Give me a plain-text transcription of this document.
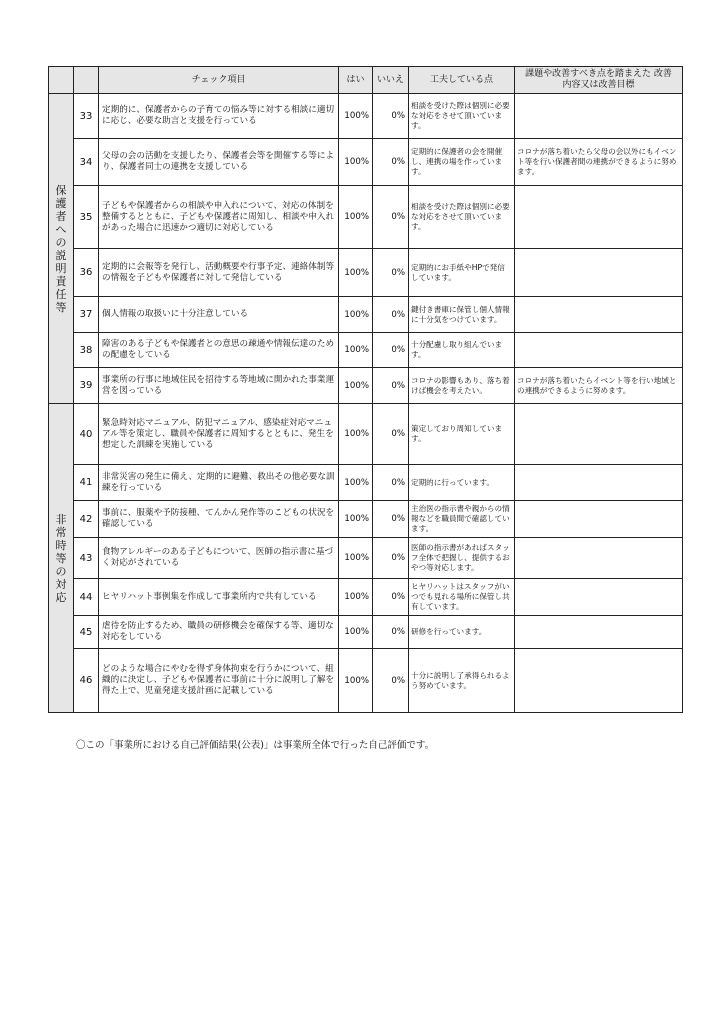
		チェック項目	はい	いいえ	工夫している点	課題や改善すべき点を踏まえた 改善内容又は改善目標
保護者への説明責任等	33	定期的に、保護者からの子育ての悩み等に対する相談に適切に応じ、必要な助言と支援を行っている	100%	0%	相談を受けた際は個別に必要な対応をさせて頂いています。	
	34	父母の会の活動を支援したり、保護者会等を開催する等により、保護者同士の連携を支援している	100%	0%	定期的に保護者の会を開催し、連携の場を作っています。	コロナが落ち着いたら父母の会以外にもイベント等を行い保護者間の連携ができるように努めます。
	35	子どもや保護者からの相談や申入れについて、対応の体制を整備するとともに、子どもや保護者に周知し、相談や申入れがあった場合に迅速かつ適切に対応している	100%	0%	相談を受けた際は個別に必要な対応をさせて頂いています。	
	36	定期的に会報等を発行し、活動概要や行事予定、連絡体制等の情報を子どもや保護者に対して発信している	100%	0%	定期的にお手紙やHPで発信しています。	
	37	個人情報の取扱いに十分注意している	100%	0%	鍵付き書庫に保管し個人情報に十分気をつけています。	
	38	障害のある子どもや保護者との意思の疎通や情報伝達のための配慮をしている	100%	0%	十分配慮し取り組んでいます。	
	39	事業所の行事に地域住民を招待する等地域に開かれた事業運営を図っている	100%	0%	コロナの影響もあり、落ち着けば機会を考えたい。	コロナが落ち着いたらイベント等を行い地域との連携ができるように努めます。
非常時等の対応	40	緊急時対応マニュアル、防犯マニュアル、感染症対応マニュアル等を策定し、職員や保護者に周知するとともに、発生を想定した訓練を実施している	100%	0%	策定しており周知しています。	
	41	非常災害の発生に備え、定期的に避難、救出その他必要な訓練を行っている	100%	0%	定期的に行っています。	
	42	事前に、服薬や予防接種、てんかん発作等のこどもの状況を確認している	100%	0%	主治医の指示書や親からの情報などを職員間で確認しています。	
	43	食物アレルギーのある子どもについて、医師の指示書に基づく対応がされている	100%	0%	医師の指示書があればスタッフ全体で把握し、提供するおやつ等対応します。	
	44	ヒヤリハット事例集を作成して事業所内で共有している	100%	0%	ヒヤリハットはスタッフがいつでも見れる場所に保管し共有しています。	
	45	虐待を防止するため、職員の研修機会を確保する等、適切な対応をしている	100%	0%	研修を行っています。	
	46	どのような場合にやむを得ず身体拘束を行うかについて、組織的に決定し、子どもや保護者に事前に十分に説明し了解を得た上で、児童発達支援計画に記載している	100%	0%	十分に説明し了承得られるよう努めています。	
〇この「事業所における自己評価結果(公表)」は事業所全体で行った自己評価です。
